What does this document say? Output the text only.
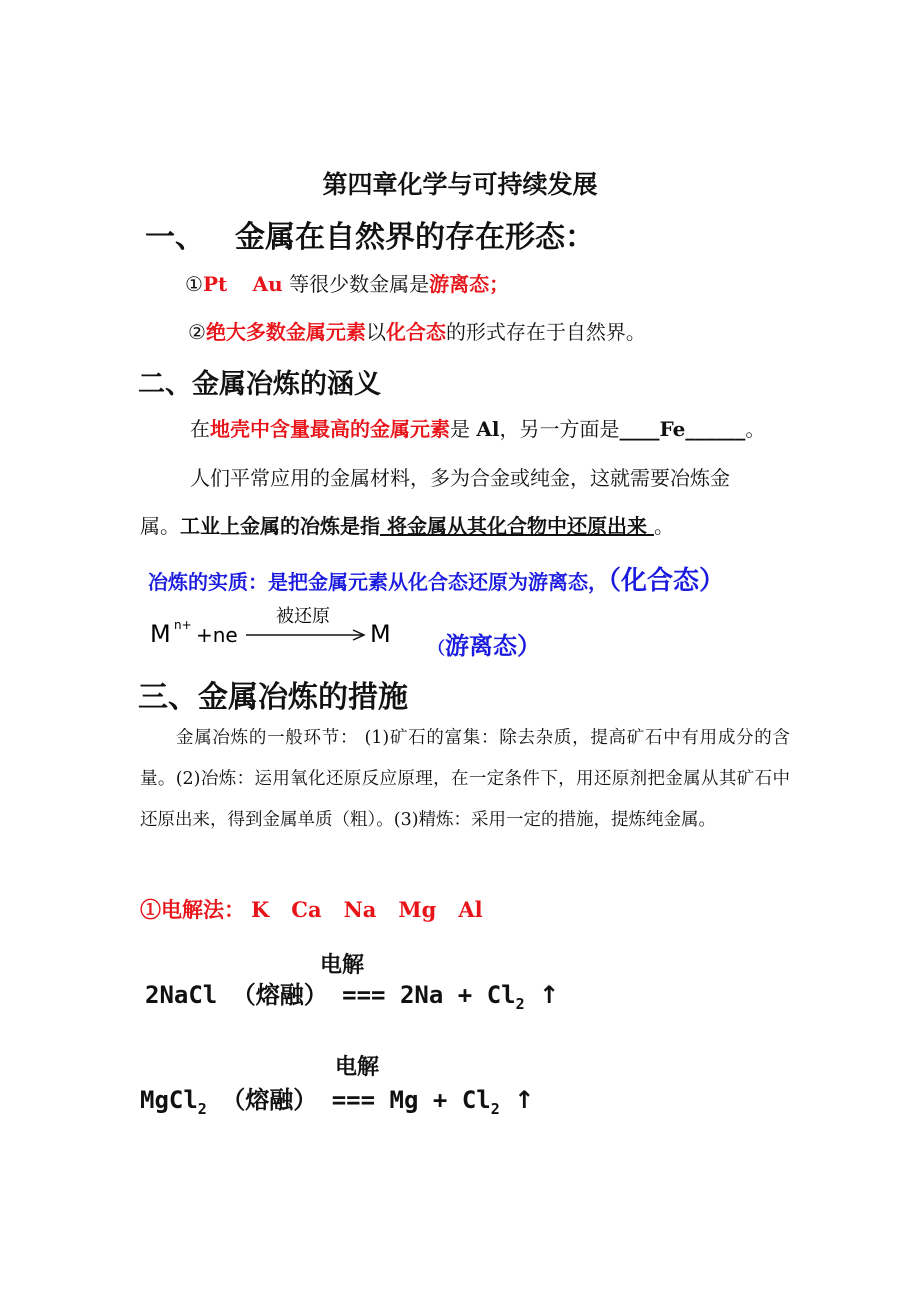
第四章化学与可持续发展
一、 金属在自然界的存在形态：
①Pt Au 等很少数金属是游离态；
②绝大多数金属元素以化合态的形式存在于自然界。
二、金属冶炼的涵义
在地壳中含量最高的金属元素是 Al，另一方面是____Fe______。
人们平常应用的金属材料，多为合金或纯金，这就需要冶炼金
属。工业上金属的冶炼是指 将金属从其化合物中还原出来 。
冶炼的实质：是把金属元素从化合态还原为游离态，（化合态）
M n+ +ne
被还原
M
（游离态）
三、金属冶炼的措施
金属冶炼的一般环节： (1)矿石的富集：除去杂质，提高矿石中有用成分的含量。(2)冶炼：运用氧化还原反应原理，在一定条件下，用还原剂把金属从其矿石中还原出来，得到金属单质（粗）。(3)精炼：采用一定的措施，提炼纯金属。
①电解法： K Ca Na Mg Al
电解
2NaCl （熔融） === $2Na + Cl_2$ ↑
电解
MgCl$_2$ （熔融） === $Mg + Cl_2$ ↑
